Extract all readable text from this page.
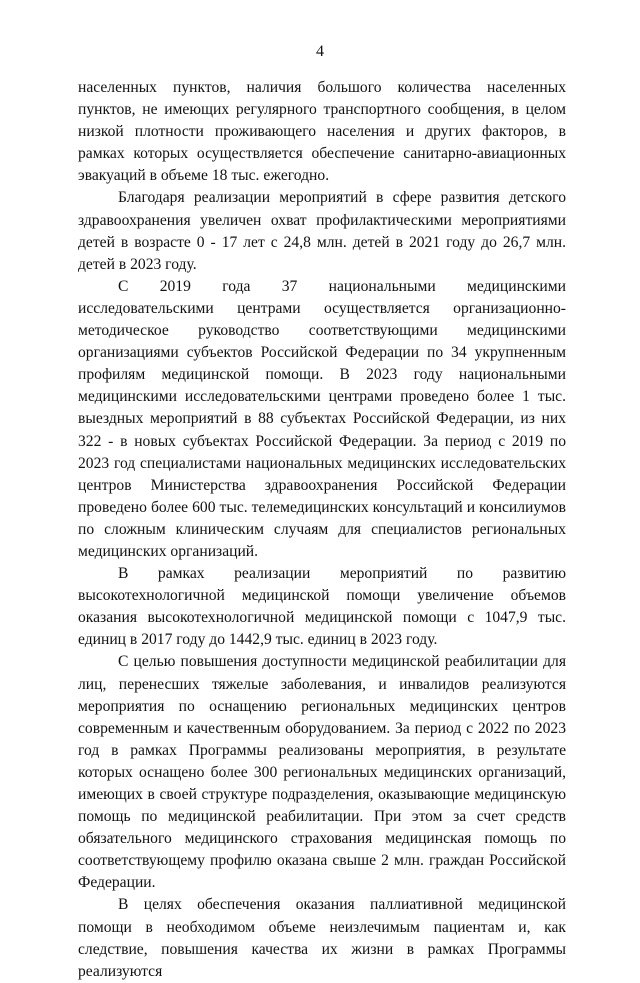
4

населенных пунктов, наличия большого количества населенных пунктов, не имеющих регулярного транспортного сообщения, в целом низкой плотности проживающего населения и других факторов, в рамках которых осуществляется обеспечение санитарно-авиационных эвакуаций в объеме 18 тыс. ежегодно.

Благодаря реализации мероприятий в сфере развития детского здравоохранения увеличен охват профилактическими мероприятиями детей в возрасте 0 - 17 лет с 24,8 млн. детей в 2021 году до 26,7 млн. детей в 2023 году.

С 2019 года 37 национальными медицинскими исследовательскими центрами осуществляется организационно-методическое руководство соответствующими медицинскими организациями субъектов Российской Федерации по 34 укрупненным профилям медицинской помощи. В 2023 году национальными медицинскими исследовательскими центрами проведено более 1 тыс. выездных мероприятий в 88 субъектах Российской Федерации, из них 322 - в новых субъектах Российской Федерации. За период с 2019 по 2023 год специалистами национальных медицинских исследовательских центров Министерства здравоохранения Российской Федерации проведено более 600 тыс. телемедицинских консультаций и консилиумов по сложным клиническим случаям для специалистов региональных медицинских организаций.

В рамках реализации мероприятий по развитию высокотехнологичной медицинской помощи увеличение объемов оказания высокотехнологичной медицинской помощи с 1047,9 тыс. единиц в 2017 году до 1442,9 тыс. единиц в 2023 году.

С целью повышения доступности медицинской реабилитации для лиц, перенесших тяжелые заболевания, и инвалидов реализуются мероприятия по оснащению региональных медицинских центров современным и качественным оборудованием. За период с 2022 по 2023 год в рамках Программы реализованы мероприятия, в результате которых оснащено более 300 региональных медицинских организаций, имеющих в своей структуре подразделения, оказывающие медицинскую помощь по медицинской реабилитации. При этом за счет средств обязательного медицинского страхования медицинская помощь по соответствующему профилю оказана свыше 2 млн. граждан Российской Федерации.

В целях обеспечения оказания паллиативной медицинской помощи в необходимом объеме неизлечимым пациентам и, как следствие, повышения качества их жизни в рамках Программы реализуются
